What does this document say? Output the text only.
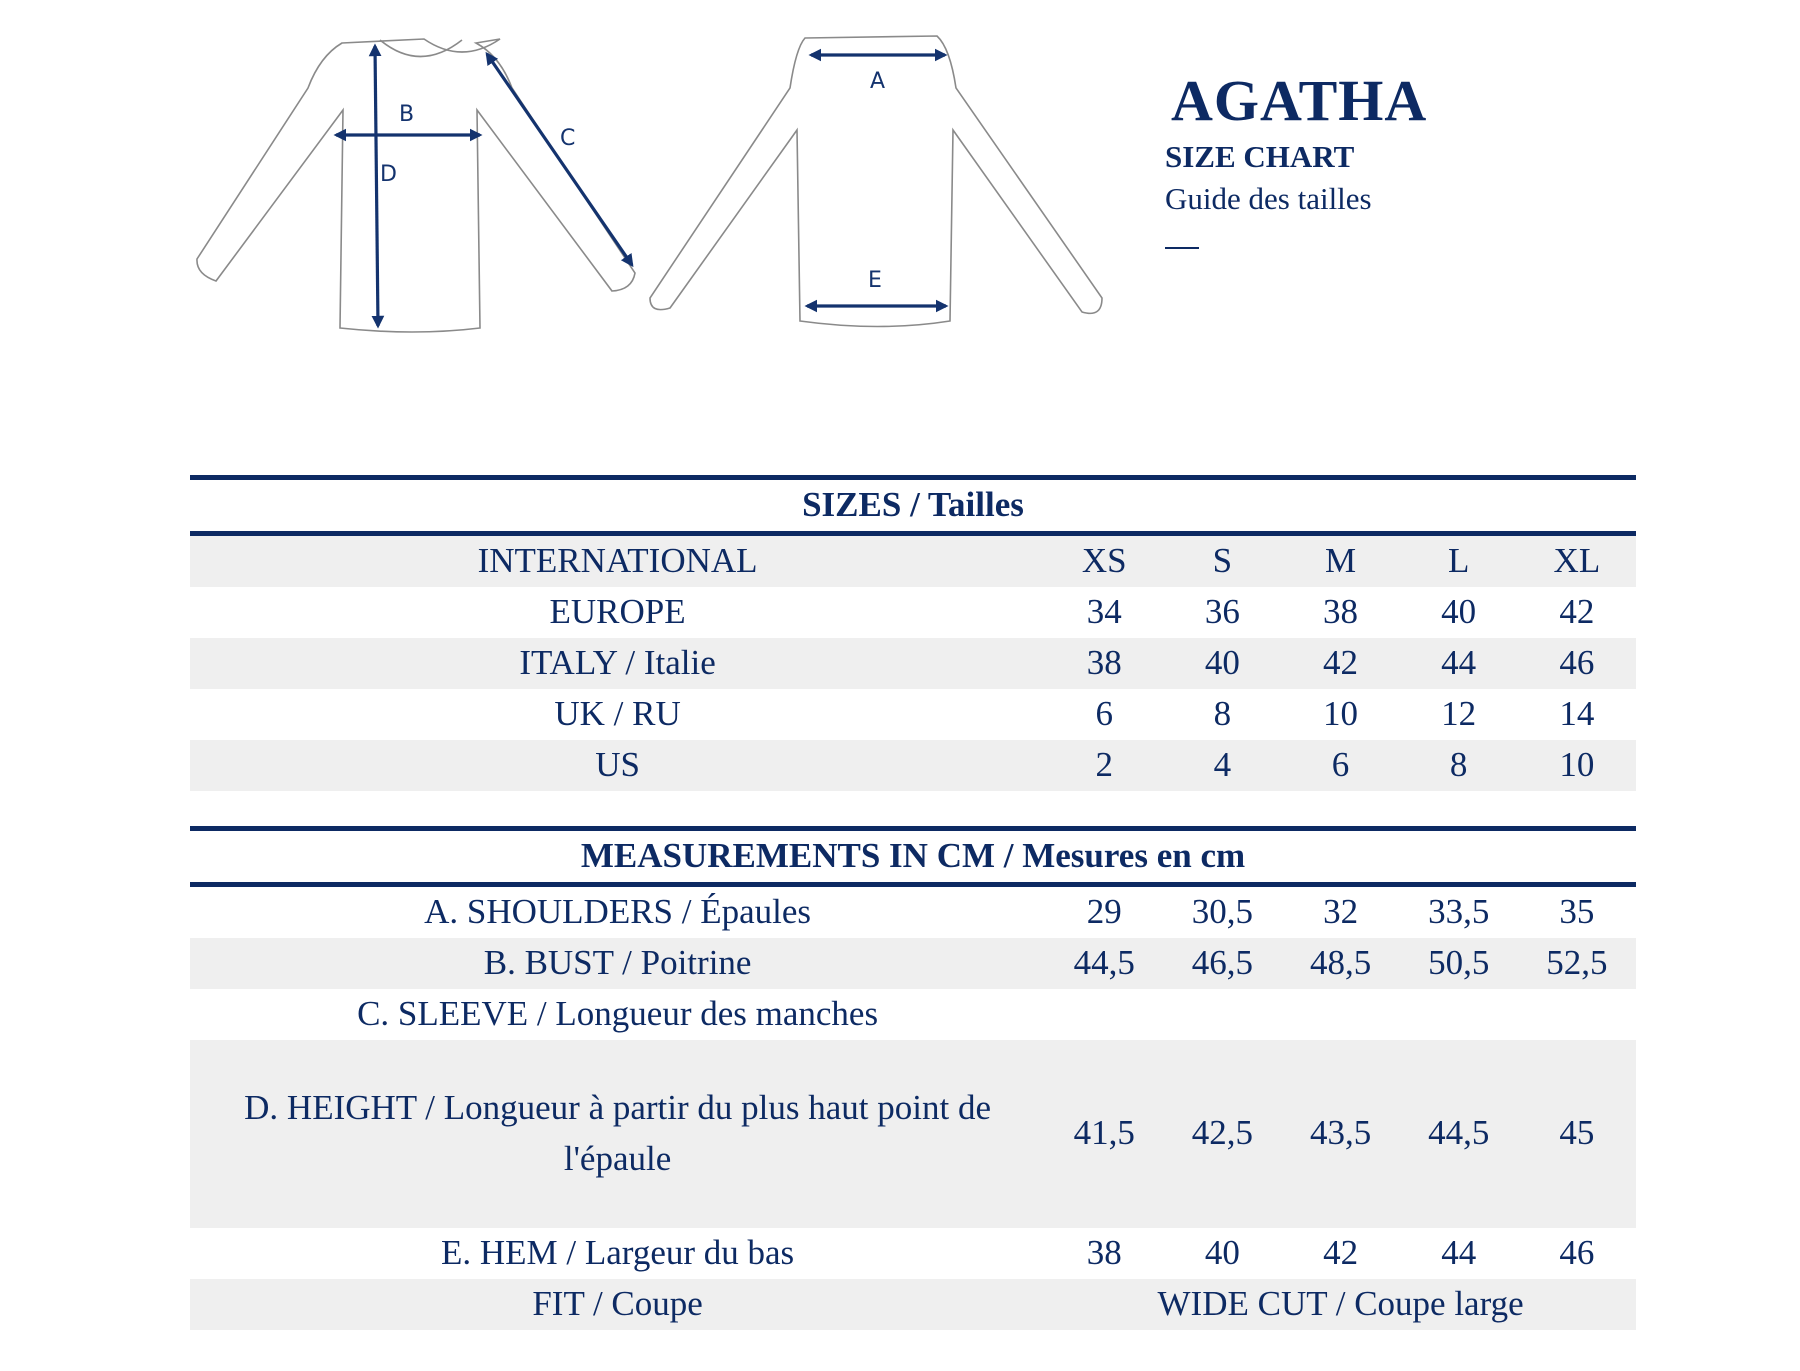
B
D
C
A
E
AGATHA
SIZE CHART
Guide des tailles
SIZES / Tailles					
INTERNATIONAL	XS	S	M	L	XL
EUROPE	34	36	38	40	42
ITALY / Italie	38	40	42	44	46
UK / RU	6	8	10	12	14
US	2	4	6	8	10
MEASUREMENTS IN CM / Mesures en cm					
A. SHOULDERS / Épaules	29	30,5	32	33,5	35
B. BUST / Poitrine	44,5	46,5	48,5	50,5	52,5
C. SLEEVE / Longueur des manches					
D. HEIGHT / Longueur à partir du plus haut point de l'épaule	41,5	42,5	43,5	44,5	45
E. HEM / Largeur du bas	38	40	42	44	46
FIT / Coupe	WIDE CUT / Coupe large				
